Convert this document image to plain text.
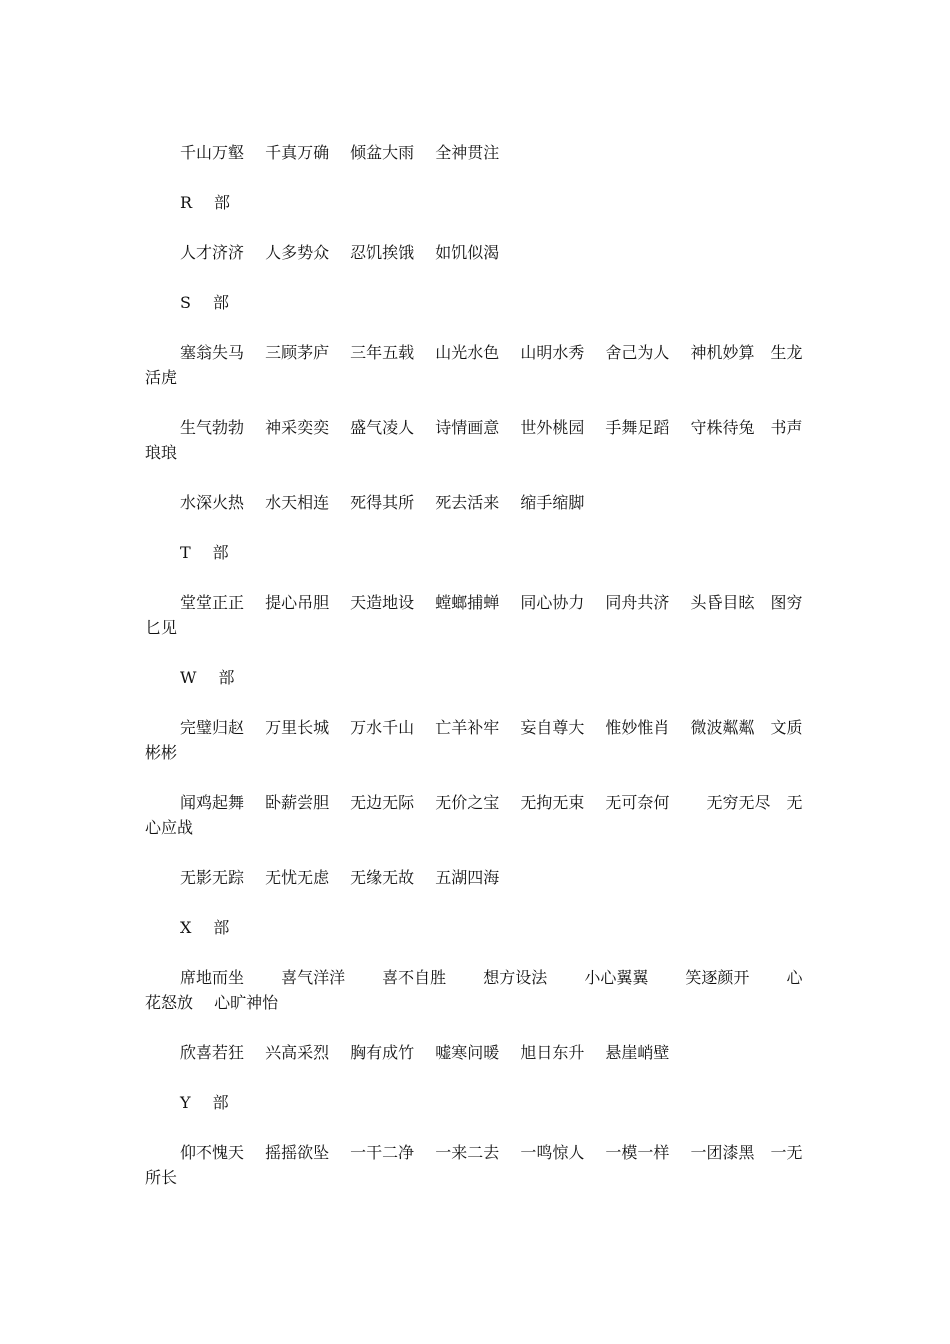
千山万壑　 千真万确　 倾盆大雨　 全神贯注

R 部

人才济济　 人多势众　 忍饥挨饿　 如饥似渴

S 部

塞翁失马　 三顾茅庐　 三年五载　 山光水色　 山明水秀　 舍己为人　 神机妙算　生龙活虎

生气勃勃　 神采奕奕　 盛气凌人　 诗情画意　 世外桃园　 手舞足蹈　 守株待兔　书声琅琅

水深火热　 水天相连　 死得其所　 死去活来　 缩手缩脚

T 部

堂堂正正　 提心吊胆　 天造地设　 螳螂捕蝉　 同心协力　 同舟共济　 头昏目眩　图穷匕见

W 部

完璧归赵　 万里长城　 万水千山　 亡羊补牢　 妄自尊大　 惟妙惟肖　 微波粼粼　文质彬彬

闻鸡起舞　 卧薪尝胆　 无边无际　 无价之宝　 无拘无束　 无可奈何　 　无穷无尽　无心应战

无影无踪　 无忧无虑　 无缘无故　 五湖四海

X 部

席地而坐　 　喜气洋洋　 　喜不自胜　 　想方设法　 　小心翼翼　 　笑逐颜开　 　心花怒放　 心旷神怡

欣喜若狂　 兴高采烈　 胸有成竹　 嘘寒问暖　 旭日东升　 悬崖峭壁

Y 部

仰不愧天　 摇摇欲坠　 一干二净　 一来二去　 一鸣惊人　 一模一样　 一团漆黑　一无所长
